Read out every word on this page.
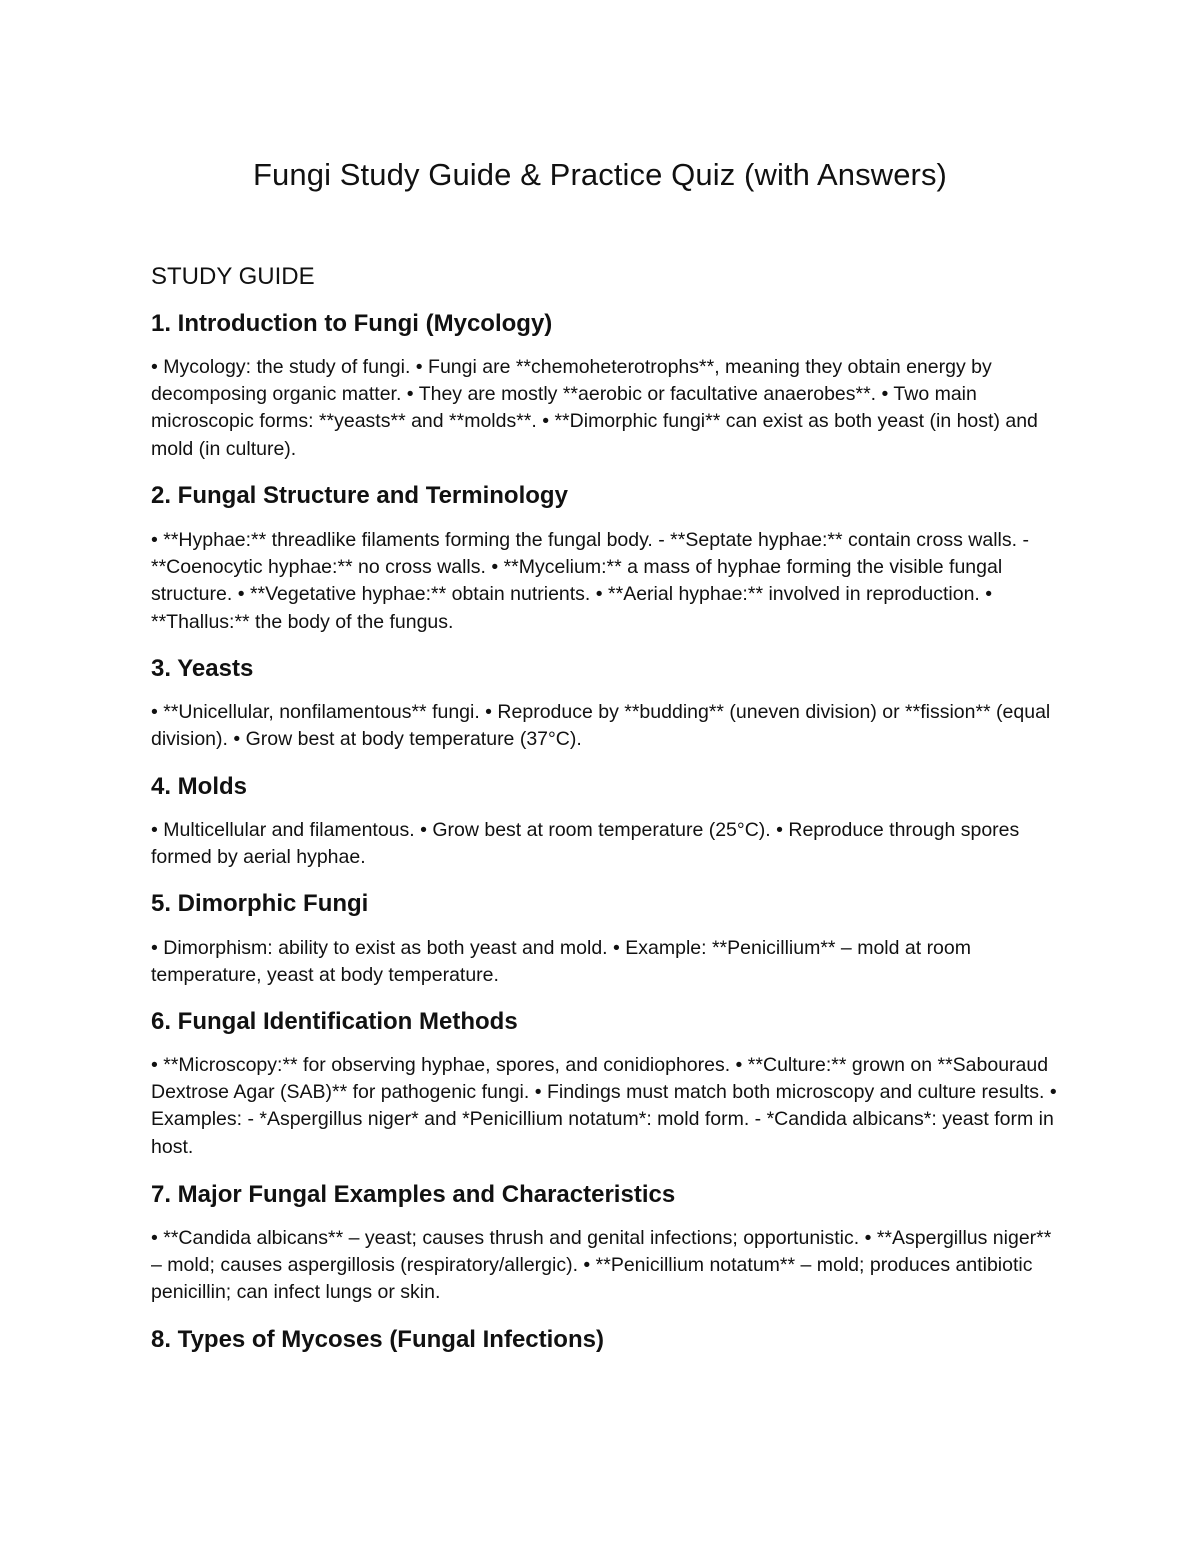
Fungi Study Guide & Practice Quiz (with Answers)
STUDY GUIDE
1. Introduction to Fungi (Mycology)

• Mycology: the study of fungi. • Fungi are **chemoheterotrophs**, meaning they obtain energy by decomposing organic matter. • They are mostly **aerobic or facultative anaerobes**. • Two main microscopic forms: **yeasts** and **molds**. • **Dimorphic fungi** can exist as both yeast (in host) and mold (in culture).

2. Fungal Structure and Terminology

• **Hyphae:** threadlike filaments forming the fungal body. - **Septate hyphae:** contain cross walls. - **Coenocytic hyphae:** no cross walls. • **Mycelium:** a mass of hyphae forming the visible fungal structure. • **Vegetative hyphae:** obtain nutrients. • **Aerial hyphae:** involved in reproduction. • **Thallus:** the body of the fungus.

3. Yeasts

• **Unicellular, nonfilamentous** fungi. • Reproduce by **budding** (uneven division) or **fission** (equal division). • Grow best at body temperature (37°C).

4. Molds

• Multicellular and filamentous. • Grow best at room temperature (25°C). • Reproduce through spores formed by aerial hyphae.

5. Dimorphic Fungi

• Dimorphism: ability to exist as both yeast and mold. • Example: **Penicillium** – mold at room temperature, yeast at body temperature.

6. Fungal Identification Methods

• **Microscopy:** for observing hyphae, spores, and conidiophores. • **Culture:** grown on **Sabouraud Dextrose Agar (SAB)** for pathogenic fungi. • Findings must match both microscopy and culture results. • Examples: - *Aspergillus niger* and *Penicillium notatum*: mold form. - *Candida albicans*: yeast form in host.

7. Major Fungal Examples and Characteristics

• **Candida albicans** – yeast; causes thrush and genital infections; opportunistic. • **Aspergillus niger** – mold; causes aspergillosis (respiratory/allergic). • **Penicillium notatum** – mold; produces antibiotic penicillin; can infect lungs or skin.

8. Types of Mycoses (Fungal Infections)
